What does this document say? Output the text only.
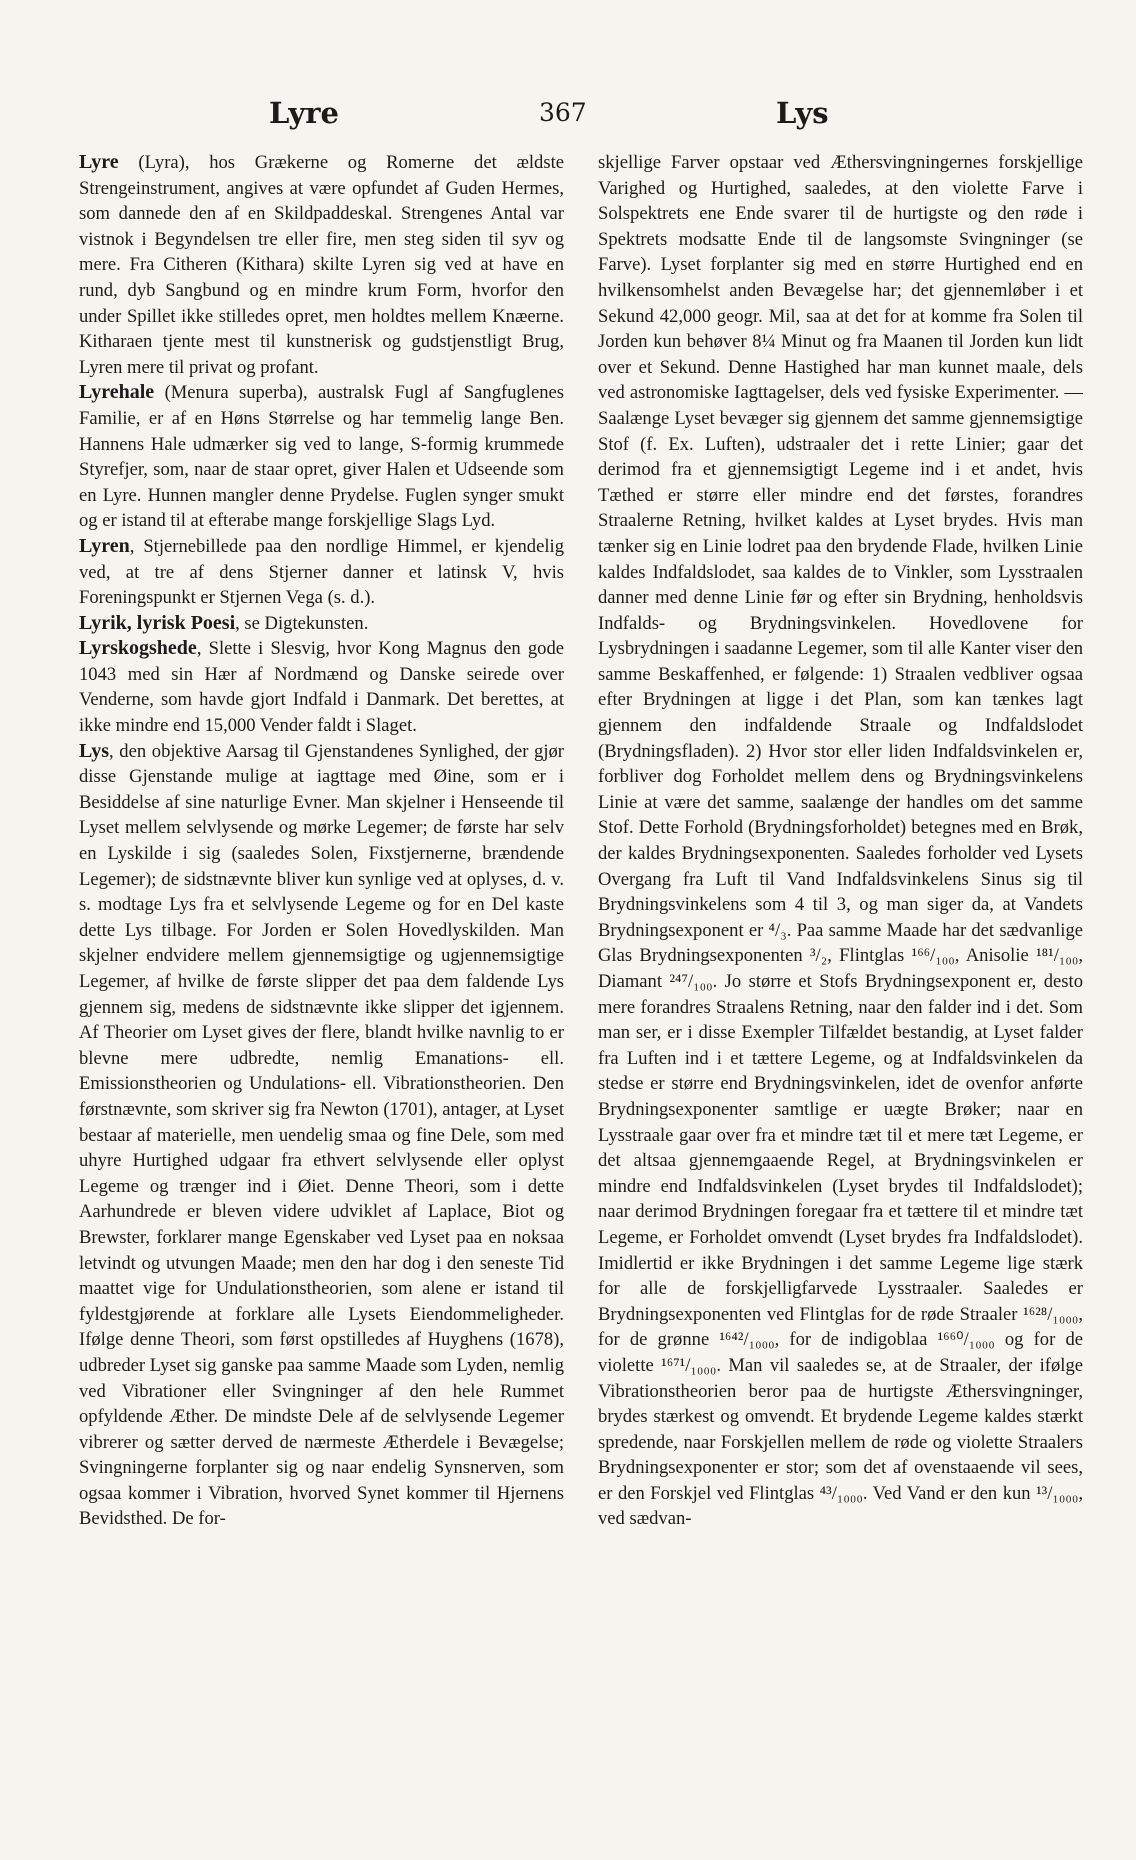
Lyre	367	Lys

Lyre (Lyra), hos Grækerne og Romerne det ældste Strengeinstrument, angives at være opfundet af Guden Hermes, som dannede den af en Skildpaddeskal. Strengenes Antal var vistnok i Begyndelsen tre eller fire, men steg siden til syv og mere. Fra Citheren (Kithara) skilte Lyren sig ved at have en rund, dyb Sangbund og en mindre krum Form, hvorfor den under Spillet ikke stilledes opret, men holdtes mellem Knæerne. Kitharaen tjente mest til kunstnerisk og gudstjenstligt Brug, Lyren mere til privat og profant.

Lyrehale (Menura superba), australsk Fugl af Sangfuglenes Familie, er af en Høns Størrelse og har temmelig lange Ben. Hannens Hale udmærker sig ved to lange, S-formig krummede Styrefjer, som, naar de staar opret, giver Halen et Udseende som en Lyre. Hunnen mangler denne Prydelse. Fuglen synger smukt og er istand til at efterabe mange forskjellige Slags Lyd.

Lyren, Stjernebillede paa den nordlige Himmel, er kjendelig ved, at tre af dens Stjerner danner et latinsk V, hvis Foreningspunkt er Stjernen Vega (s. d.).

Lyrik, lyrisk Poesi, se Digtekunsten.

Lyrskogshede, Slette i Slesvig, hvor Kong Magnus den gode 1043 med sin Hær af Nordmænd og Danske seirede over Venderne, som havde gjort Indfald i Danmark. Det berettes, at ikke mindre end 15,000 Vender faldt i Slaget.

Lys, den objektive Aarsag til Gjenstandenes Synlighed, der gjør disse Gjenstande mulige at iagttage med Øine, som er i Besiddelse af sine naturlige Evner. Man skjelner i Henseende til Lyset mellem selvlysende og mørke Legemer; de første har selv en Lyskilde i sig (saaledes Solen, Fixstjernerne, brændende Legemer); de sidstnævnte bliver kun synlige ved at oplyses, d. v. s. modtage Lys fra et selvlysende Legeme og for en Del kaste dette Lys tilbage. For Jorden er Solen Hovedlyskilden. Man skjelner endvidere mellem gjennemsigtige og ugjennemsigtige Legemer, af hvilke de første slipper det paa dem faldende Lys gjennem sig, medens de sidstnævnte ikke slipper det igjennem. Af Theorier om Lyset gives der flere, blandt hvilke navnlig to er blevne mere udbredte, nemlig Emanations- ell. Emissionstheorien og Undulations- ell. Vibrationstheorien. Den førstnævnte, som skriver sig fra Newton (1701), antager, at Lyset bestaar af materielle, men uendelig smaa og fine Dele, som med uhyre Hurtighed udgaar fra ethvert selvlysende eller oplyst Legeme og trænger ind i Øiet. Denne Theori, som i dette Aarhundrede er bleven videre udviklet af Laplace, Biot og Brewster, forklarer mange Egenskaber ved Lyset paa en noksaa letvindt og utvungen Maade; men den har dog i den seneste Tid maattet vige for Undulationstheorien, som alene er istand til fyldestgjørende at forklare alle Lysets Eiendommeligheder. Ifølge denne Theori, som først opstilledes af Huyghens (1678), udbreder Lyset sig ganske paa samme Maade som Lyden, nemlig ved Vibrationer eller Svingninger af den hele Rummet opfyldende Æther. De mindste Dele af de selvlysende Legemer vibrerer og sætter derved de nærmeste Ætherdele i Bevægelse; Svingningerne forplanter sig og naar endelig Synsnerven, som ogsaa kommer i Vibration, hvorved Synet kommer til Hjernens Bevidsthed. De for-

skjellige Farver opstaar ved Æthersvingningernes forskjellige Varighed og Hurtighed, saaledes, at den violette Farve i Solspektrets ene Ende svarer til de hurtigste og den røde i Spektrets modsatte Ende til de langsomste Svingninger (se Farve). Lyset forplanter sig med en større Hurtighed end en hvilkensomhelst anden Bevægelse har; det gjennemløber i et Sekund 42,000 geogr. Mil, saa at det for at komme fra Solen til Jorden kun behøver 8¼ Minut og fra Maanen til Jorden kun lidt over et Sekund. Denne Hastighed har man kunnet maale, dels ved astronomiske Iagttagelser, dels ved fysiske Experimenter. — Saalænge Lyset bevæger sig gjennem det samme gjennemsigtige Stof (f. Ex. Luften), udstraaler det i rette Linier; gaar det derimod fra et gjennemsigtigt Legeme ind i et andet, hvis Tæthed er større eller mindre end det førstes, forandres Straalerne Retning, hvilket kaldes at Lyset brydes. Hvis man tænker sig en Linie lodret paa den brydende Flade, hvilken Linie kaldes Indfaldslodet, saa kaldes de to Vinkler, som Lysstraalen danner med denne Linie før og efter sin Brydning, henholdsvis Indfalds- og Brydningsvinkelen. Hovedlovene for Lysbrydningen i saadanne Legemer, som til alle Kanter viser den samme Beskaffenhed, er følgende: 1) Straalen vedbliver ogsaa efter Brydningen at ligge i det Plan, som kan tænkes lagt gjennem den indfaldende Straale og Indfaldslodet (Brydningsfladen). 2) Hvor stor eller liden Indfaldsvinkelen er, forbliver dog Forholdet mellem dens og Brydningsvinkelens Linie at være det samme, saalænge der handles om det samme Stof. Dette Forhold (Brydningsforholdet) betegnes med en Brøk, der kaldes Brydningsexponenten. Saaledes forholder ved Lysets Overgang fra Luft til Vand Indfaldsvinkelens Sinus sig til Brydningsvinkelens som 4 til 3, og man siger da, at Vandets Brydningsexponent er ⁴/₃. Paa samme Maade har det sædvanlige Glas Brydningsexponenten ³/₂, Flintglas ¹⁶⁶/₁₀₀, Anisolie ¹⁸¹/₁₀₀, Diamant ²⁴⁷/₁₀₀. Jo større et Stofs Brydningsexponent er, desto mere forandres Straalens Retning, naar den falder ind i det. Som man ser, er i disse Exempler Tilfældet bestandig, at Lyset falder fra Luften ind i et tættere Legeme, og at Indfaldsvinkelen da stedse er større end Brydningsvinkelen, idet de ovenfor anførte Brydningsexponenter samtlige er uægte Brøker; naar en Lysstraale gaar over fra et mindre tæt til et mere tæt Legeme, er det altsaa gjennemgaaende Regel, at Brydningsvinkelen er mindre end Indfaldsvinkelen (Lyset brydes til Indfaldslodet); naar derimod Brydningen foregaar fra et tættere til et mindre tæt Legeme, er Forholdet omvendt (Lyset brydes fra Indfaldslodet). Imidlertid er ikke Brydningen i det samme Legeme lige stærk for alle de forskjelligfarvede Lysstraaler. Saaledes er Brydningsexponenten ved Flintglas for de røde Straaler ¹⁶²⁸/₁₀₀₀, for de grønne ¹⁶⁴²/₁₀₀₀, for de indigoblaa ¹⁶⁶⁰/₁₀₀₀ og for de violette ¹⁶⁷¹/₁₀₀₀. Man vil saaledes se, at de Straaler, der ifølge Vibrationstheorien beror paa de hurtigste Æthersvingninger, brydes stærkest og omvendt. Et brydende Legeme kaldes stærkt spredende, naar Forskjellen mellem de røde og violette Straalers Brydningsexponenter er stor; som det af ovenstaaende vil sees, er den Forskjel ved Flintglas ⁴³/₁₀₀₀. Ved Vand er den kun ¹³/₁₀₀₀, ved sædvan-
